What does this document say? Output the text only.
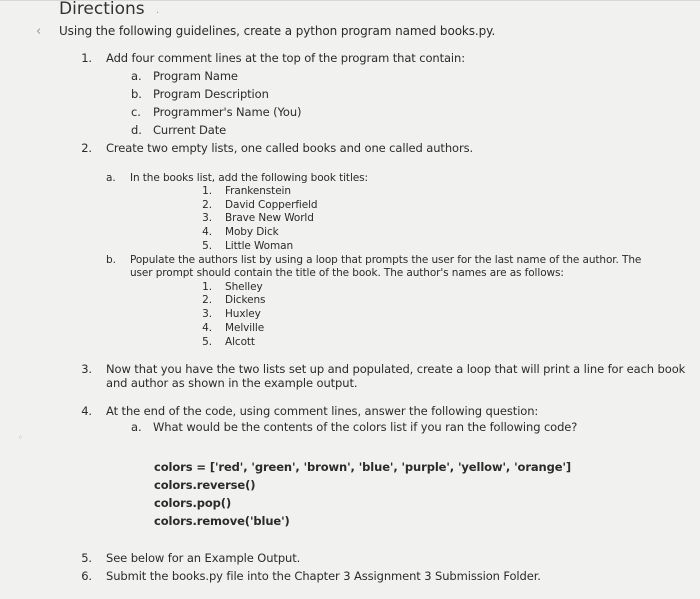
Directions ·
‹ Using the following guidelines, create a python program named books.py.
1. Add four comment lines at the top of the program that contain:
a. Program Name
b. Program Description
c. Programmer's Name (You)
d. Current Date
2. Create two empty lists, one called books and one called authors.
a. In the books list, add the following book titles:
1. Frankenstein
2. David Copperfield
3. Brave New World
4. Moby Dick
5. Little Woman
b. Populate the authors list by using a loop that prompts the user for the last name of the author. The
user prompt should contain the title of the book. The author's names are as follows:
1. Shelley
2. Dickens
3. Huxley
4. Melville
5. Alcott
3. Now that you have the two lists set up and populated, create a loop that will print a line for each book
and author as shown in the example output.
4. At the end of the code, using comment lines, answer the following question:
a. What would be the contents of the colors list if you ran the following code?
◦
colors = ['red', 'green', 'brown', 'blue', 'purple', 'yellow', 'orange']
colors.reverse()
colors.pop()
colors.remove('blue')
5. See below for an Example Output.
6. Submit the books.py file into the Chapter 3 Assignment 3 Submission Folder.
